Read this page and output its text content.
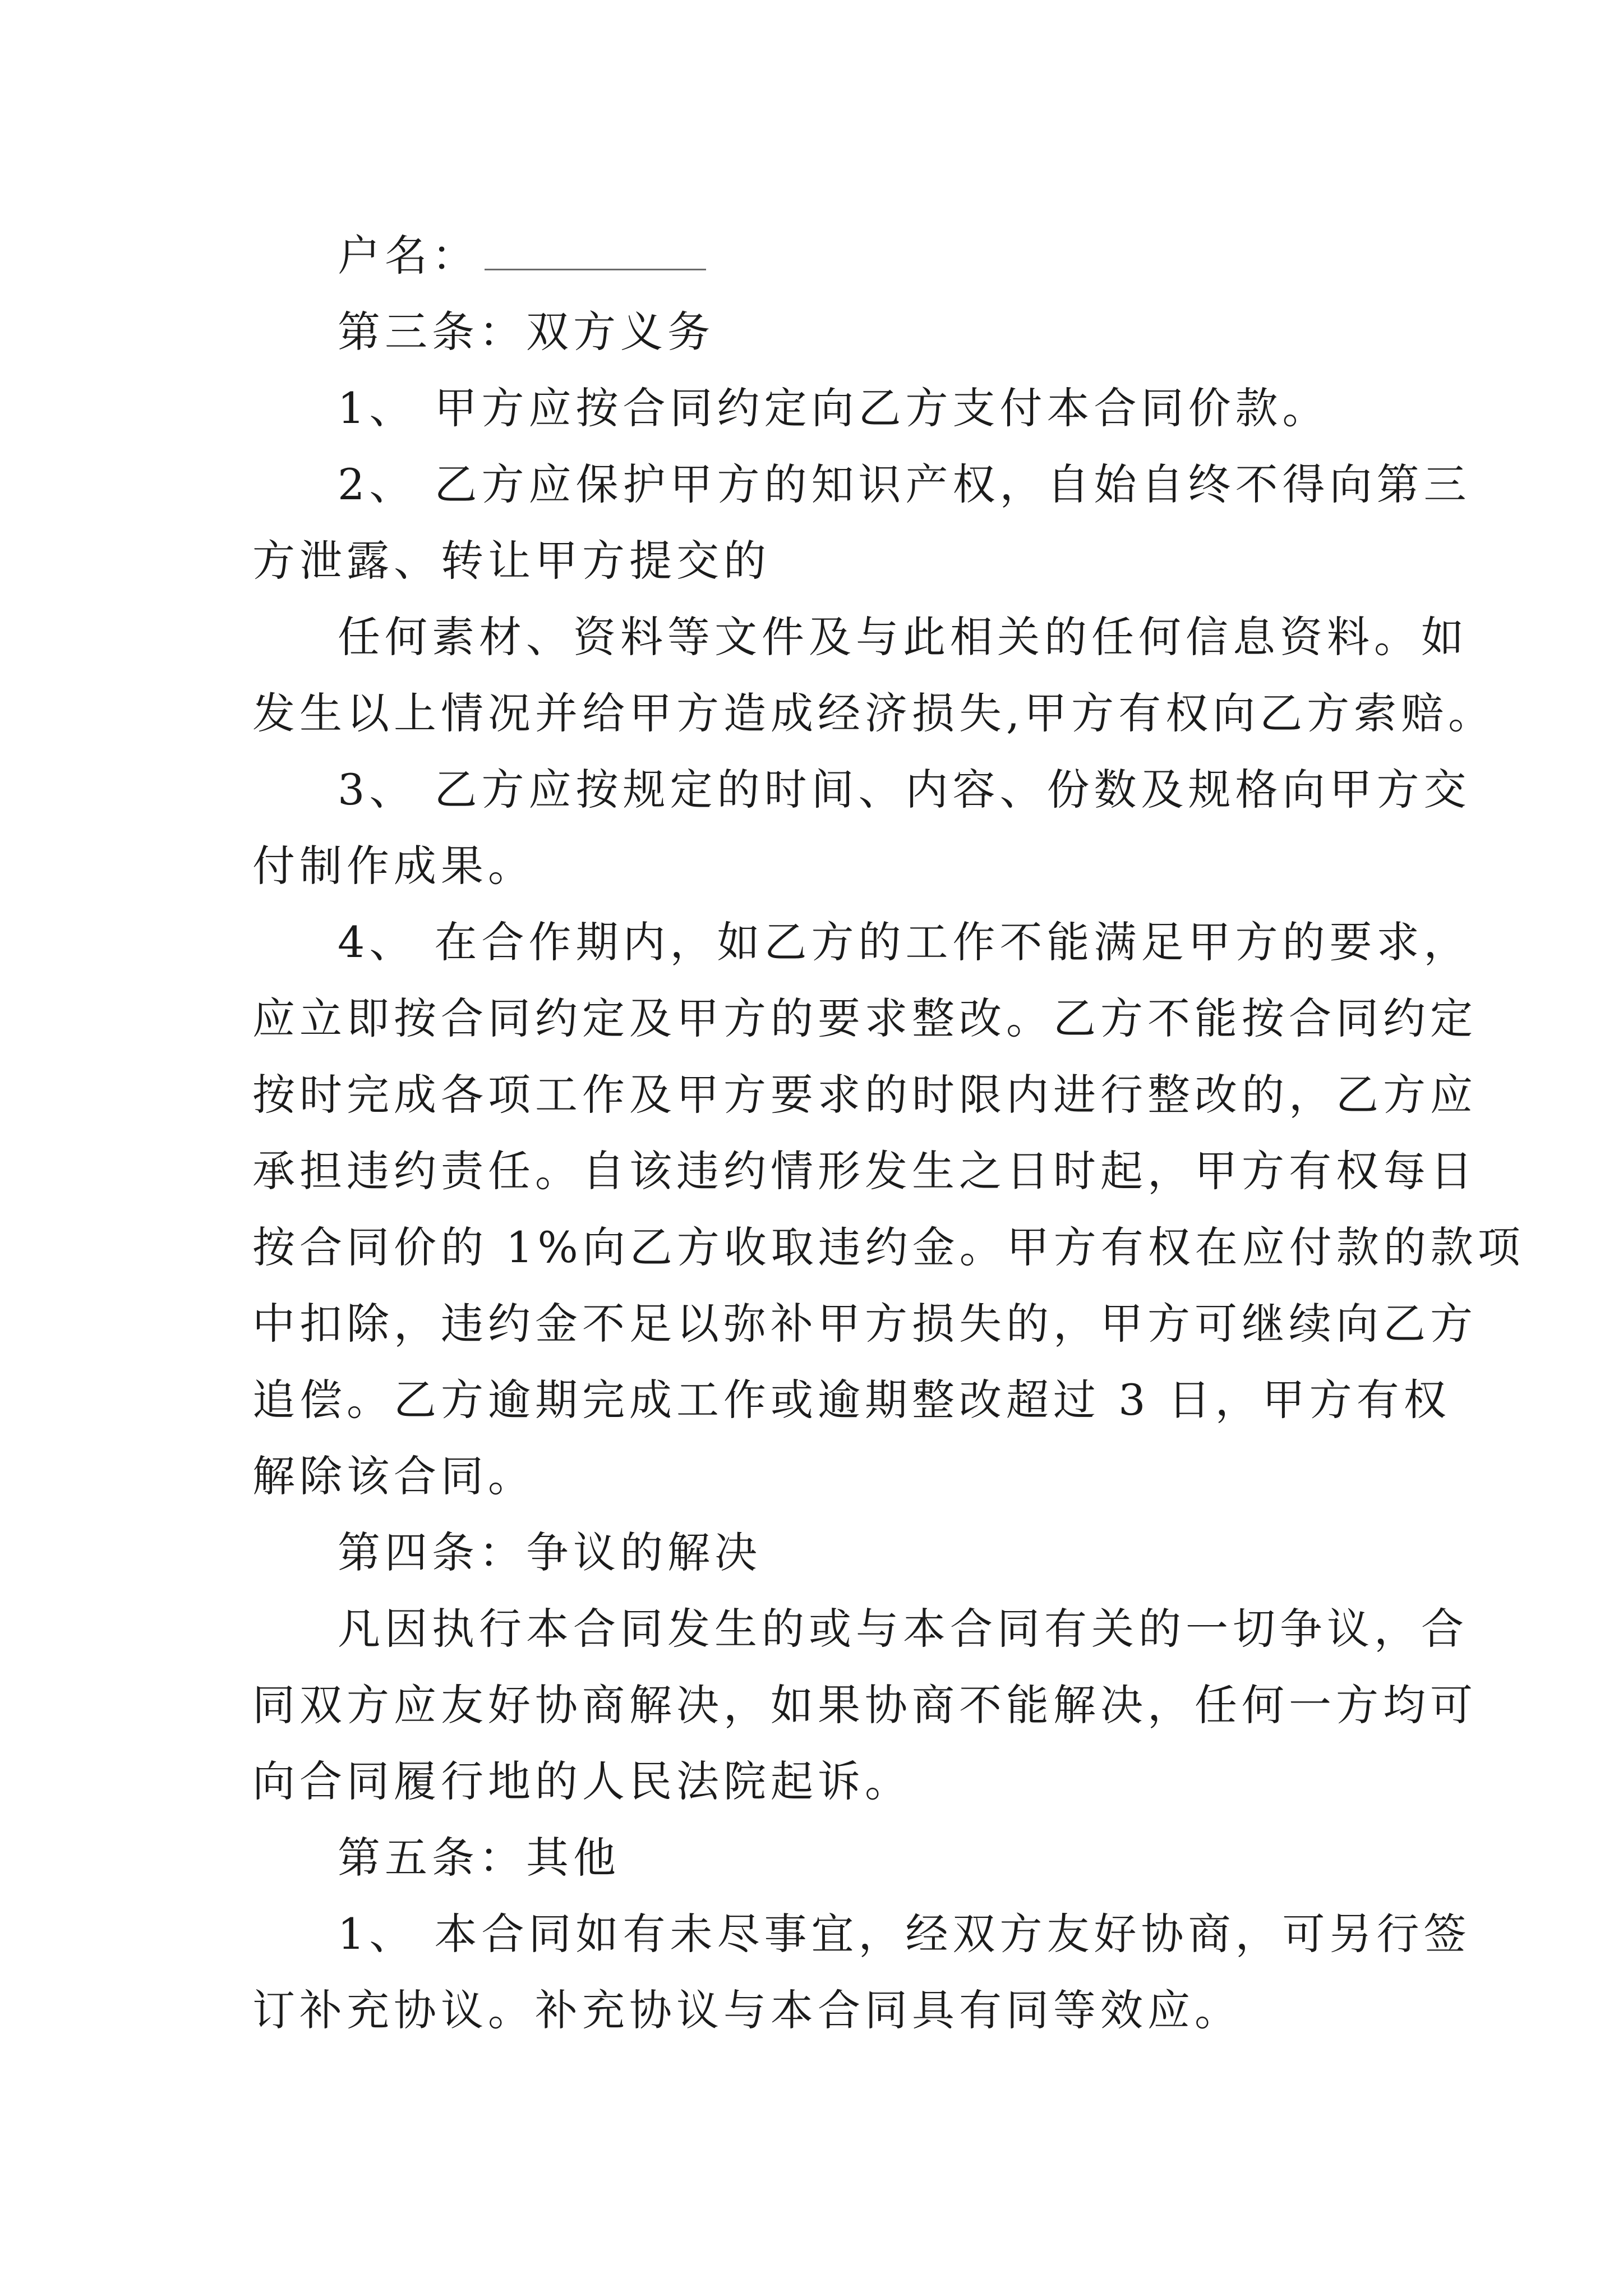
户名：
第三条：双方义务
1、 甲方应按合同约定向乙方支付本合同价款。
2、 乙方应保护甲方的知识产权，自始自终不得向第三
方泄露、转让甲方提交的
任何素材、资料等文件及与此相关的任何信息资料。如
发生以上情况并给甲方造成经济损失,甲方有权向乙方索赔。
3、 乙方应按规定的时间、内容、份数及规格向甲方交
付制作成果。
4、 在合作期内，如乙方的工作不能满足甲方的要求，
应立即按合同约定及甲方的要求整改。乙方不能按合同约定
按时完成各项工作及甲方要求的时限内进行整改的，乙方应
承担违约责任。自该违约情形发生之日时起，甲方有权每日
按合同价的 1%向乙方收取违约金。甲方有权在应付款的款项
中扣除，违约金不足以弥补甲方损失的，甲方可继续向乙方
追偿。乙方逾期完成工作或逾期整改超过 3 日，甲方有权
解除该合同。
第四条：争议的解决
凡因执行本合同发生的或与本合同有关的一切争议，合
同双方应友好协商解决，如果协商不能解决，任何一方均可
向合同履行地的人民法院起诉。
第五条：其他
1、 本合同如有未尽事宜，经双方友好协商，可另行签
订补充协议。补充协议与本合同具有同等效应。
